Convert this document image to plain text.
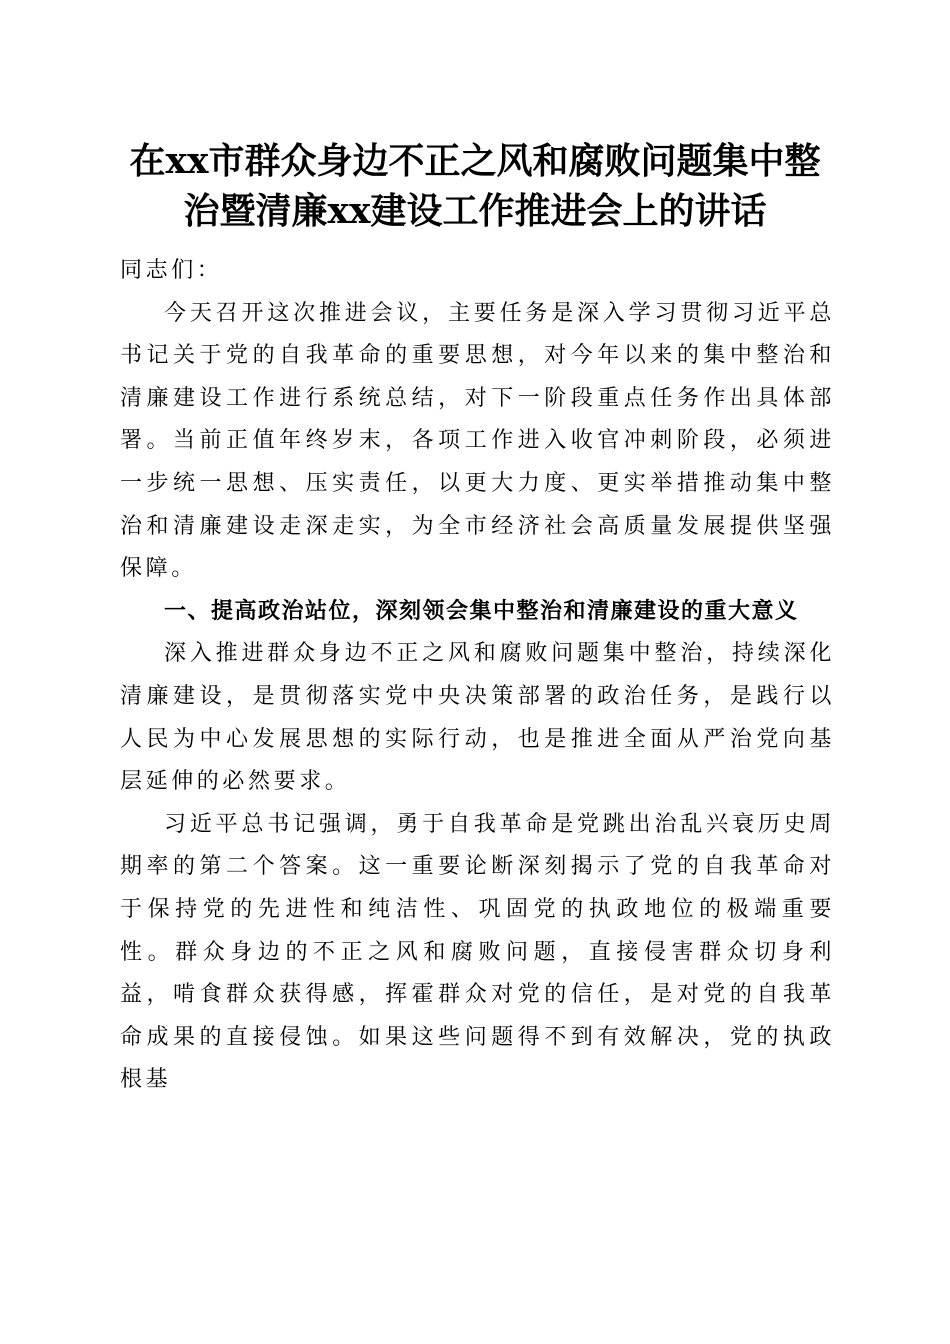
在xx市群众身边不正之风和腐败问题集中整
治暨清廉xx建设工作推进会上的讲话

同志们：

今天召开这次推进会议，主要任务是深入学习贯彻习近平总书记关于党的自我革命的重要思想，对今年以来的集中整治和清廉建设工作进行系统总结，对下一阶段重点任务作出具体部署。当前正值年终岁末，各项工作进入收官冲刺阶段，必须进一步统一思想、压实责任，以更大力度、更实举措推动集中整治和清廉建设走深走实，为全市经济社会高质量发展提供坚强保障。

一、提高政治站位，深刻领会集中整治和清廉建设的重大意义

深入推进群众身边不正之风和腐败问题集中整治，持续深化清廉建设，是贯彻落实党中央决策部署的政治任务，是践行以人民为中心发展思想的实际行动，也是推进全面从严治党向基层延伸的必然要求。

习近平总书记强调，勇于自我革命是党跳出治乱兴衰历史周期率的第二个答案。这一重要论断深刻揭示了党的自我革命对于保持党的先进性和纯洁性、巩固党的执政地位的极端重要性。群众身边的不正之风和腐败问题，直接侵害群众切身利益，啃食群众获得感，挥霍群众对党的信任，是对党的自我革命成果的直接侵蚀。如果这些问题得不到有效解决，党的执政根基
